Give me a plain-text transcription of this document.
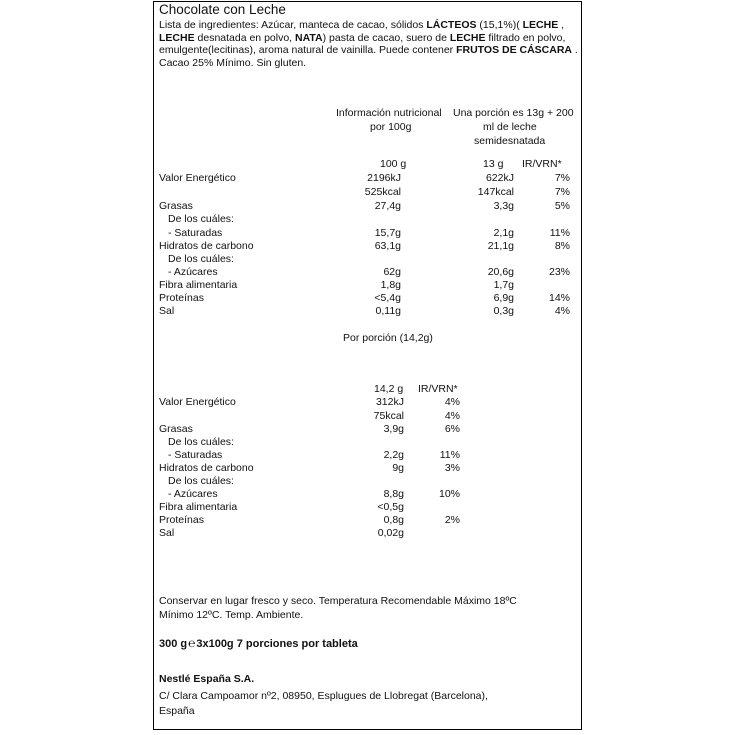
Chocolate con Leche
Lista de ingredientes: Azúcar, manteca de cacao, sólidos LÁCTEOS (15,1%)( LECHE , LECHE desnatada en polvo, NATA) pasta de cacao, suero de LECHE filtrado en polvo, emulgente(lecitinas), aroma natural de vainilla. Puede contener FRUTOS DE CÁSCARA . Cacao 25% Mínimo. Sin gluten.
Información nutricional
por 100g
Una porción es 13g + 200
ml de leche
semidesnatada
100 g	13 g IR/VRN*
Valor Energético	2196kJ	622kJ	7%
525kcal	147kcal	7%
Grasas	27,4g	3,3g	5%
De los cuáles:
- Saturadas	15,7g	2,1g	11%
Hidratos de carbono	63,1g	21,1g	8%
De los cuáles:
- Azúcares	62g	20,6g	23%
Fibra alimentaria	1,8g	1,7g
Proteínas	<5,4g	6,9g	14%
Sal	0,11g	0,3g	4%
Por porción (14,2g)
14,2 g IR/VRN*
Valor Energético	312kJ	4%
75kcal	4%
Grasas	3,9g	6%
De los cuáles:
- Saturadas	2,2g	11%
Hidratos de carbono	9g	3%
De los cuáles:
- Azúcares	8,8g	10%
Fibra alimentaria	<0,5g
Proteínas	0,8g	2%
Sal	0,02g
Conservar en lugar fresco y seco. Temperatura Recomendable Máximo 18ºC
Mínimo 12ºC. Temp. Ambiente.
300 g℮3x100g 7 porciones por tableta
Nestlé España S.A.
C/ Clara Campoamor nº2, 08950, Esplugues de Llobregat (Barcelona),
España
